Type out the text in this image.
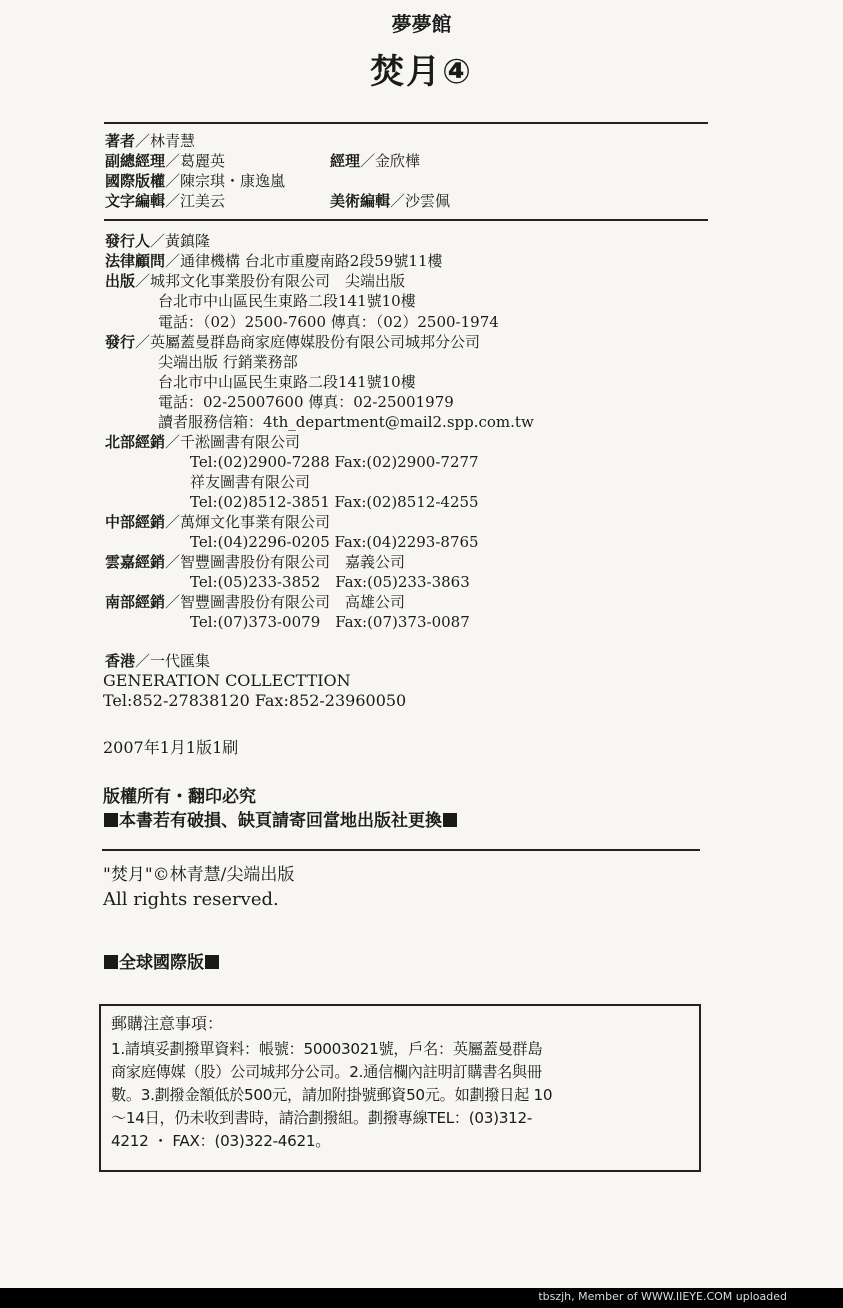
夢夢館
焚月④
著者／林青慧
副總經理／葛麗英	經理／金欣樺
國際版權／陳宗琪・康逸嵐
文字編輯／江美云	美術編輯／沙雲佩
發行人／黃鎮隆
法律顧問／通律機構 台北市重慶南路2段59號11樓
出版／城邦文化事業股份有限公司　尖端出版
台北市中山區民生東路二段141號10樓
電話：（02）2500-7600 傳真：（02）2500-1974
發行／英屬蓋曼群島商家庭傳媒股份有限公司城邦分公司
尖端出版 行銷業務部
台北市中山區民生東路二段141號10樓
電話：02-25007600 傳真：02-25001979
讀者服務信箱：4th_department@mail2.spp.com.tw
北部經銷／千淞圖書有限公司
Tel:(02)2900-7288 Fax:(02)2900-7277
祥友圖書有限公司
Tel:(02)8512-3851 Fax:(02)8512-4255
中部經銷／萬煇文化事業有限公司
Tel:(04)2296-0205 Fax:(04)2293-8765
雲嘉經銷／智豐圖書股份有限公司　嘉義公司
Tel:(05)233-3852　Fax:(05)233-3863
南部經銷／智豐圖書股份有限公司　高雄公司
Tel:(07)373-0079　Fax:(07)373-0087
香港／一代匯集
GENERATION COLLECTTION
Tel:852-27838120 Fax:852-23960050
2007年1月1版1刷
版權所有・翻印必究
本書若有破損、缺頁請寄回當地出版社更換
"焚月"©林青慧/尖端出版
All rights reserved.
全球國際版
郵購注意事項：
1.請填妥劃撥單資料：帳號：50003021號，戶名：英屬蓋曼群島
商家庭傳媒（股）公司城邦分公司。2.通信欄內註明訂購書名與冊
數。3.劃撥金額低於500元，請加附掛號郵資50元。如劃撥日起 10
～14日，仍未收到書時，請洽劃撥組。劃撥專線TEL：(03)312-
4212 ・ FAX：(03)322-4621。
tbszjh, Member of WWW.IIEYE.COM uploaded
